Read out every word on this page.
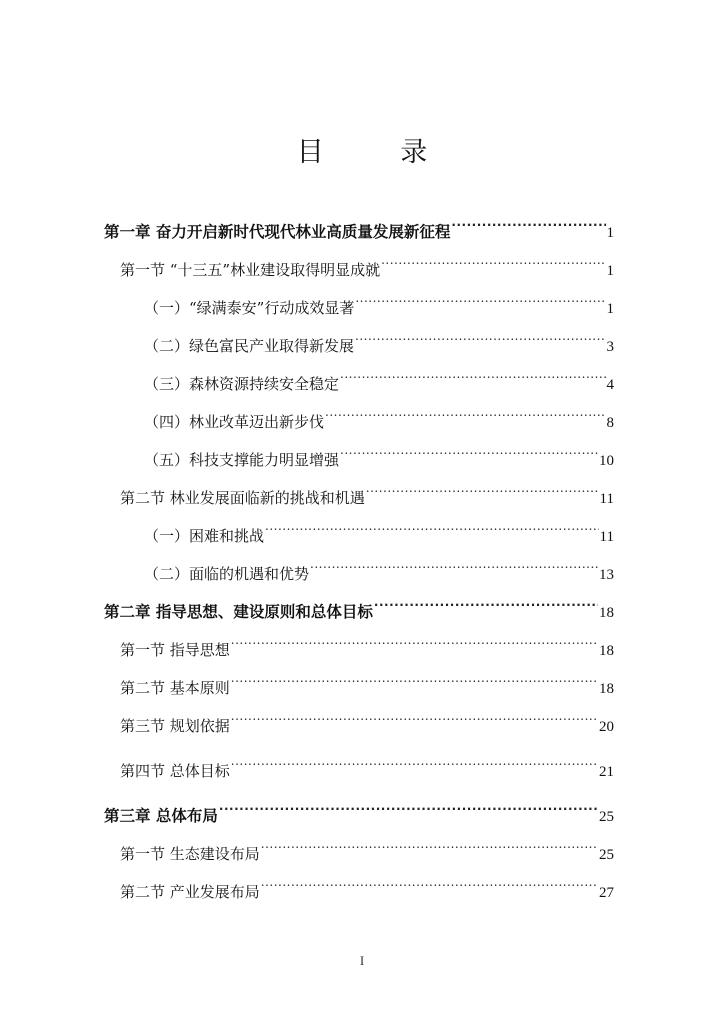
目 录
第一章 奋力开启新时代现代林业高质量发展新征程 .....	1
第一节 “十三五”林业建设取得明显成就 .....	1
（一）“绿满泰安”行动成效显著 .....	1
（二）绿色富民产业取得新发展 .....	3
（三）森林资源持续安全稳定 .....	4
（四）林业改革迈出新步伐 .....	8
（五）科技支撑能力明显增强 .....	10
第二节 林业发展面临新的挑战和机遇 .....	11
（一）困难和挑战 .....	11
（二）面临的机遇和优势 .....	13
第二章 指导思想、建设原则和总体目标 .....	18
第一节 指导思想 .....	18
第二节 基本原则 .....	18
第三节 规划依据 .....	20
第四节 总体目标 .....	21
第三章 总体布局 .....	25
第一节 生态建设布局 .....	25
第二节 产业发展布局 .....	27
I
